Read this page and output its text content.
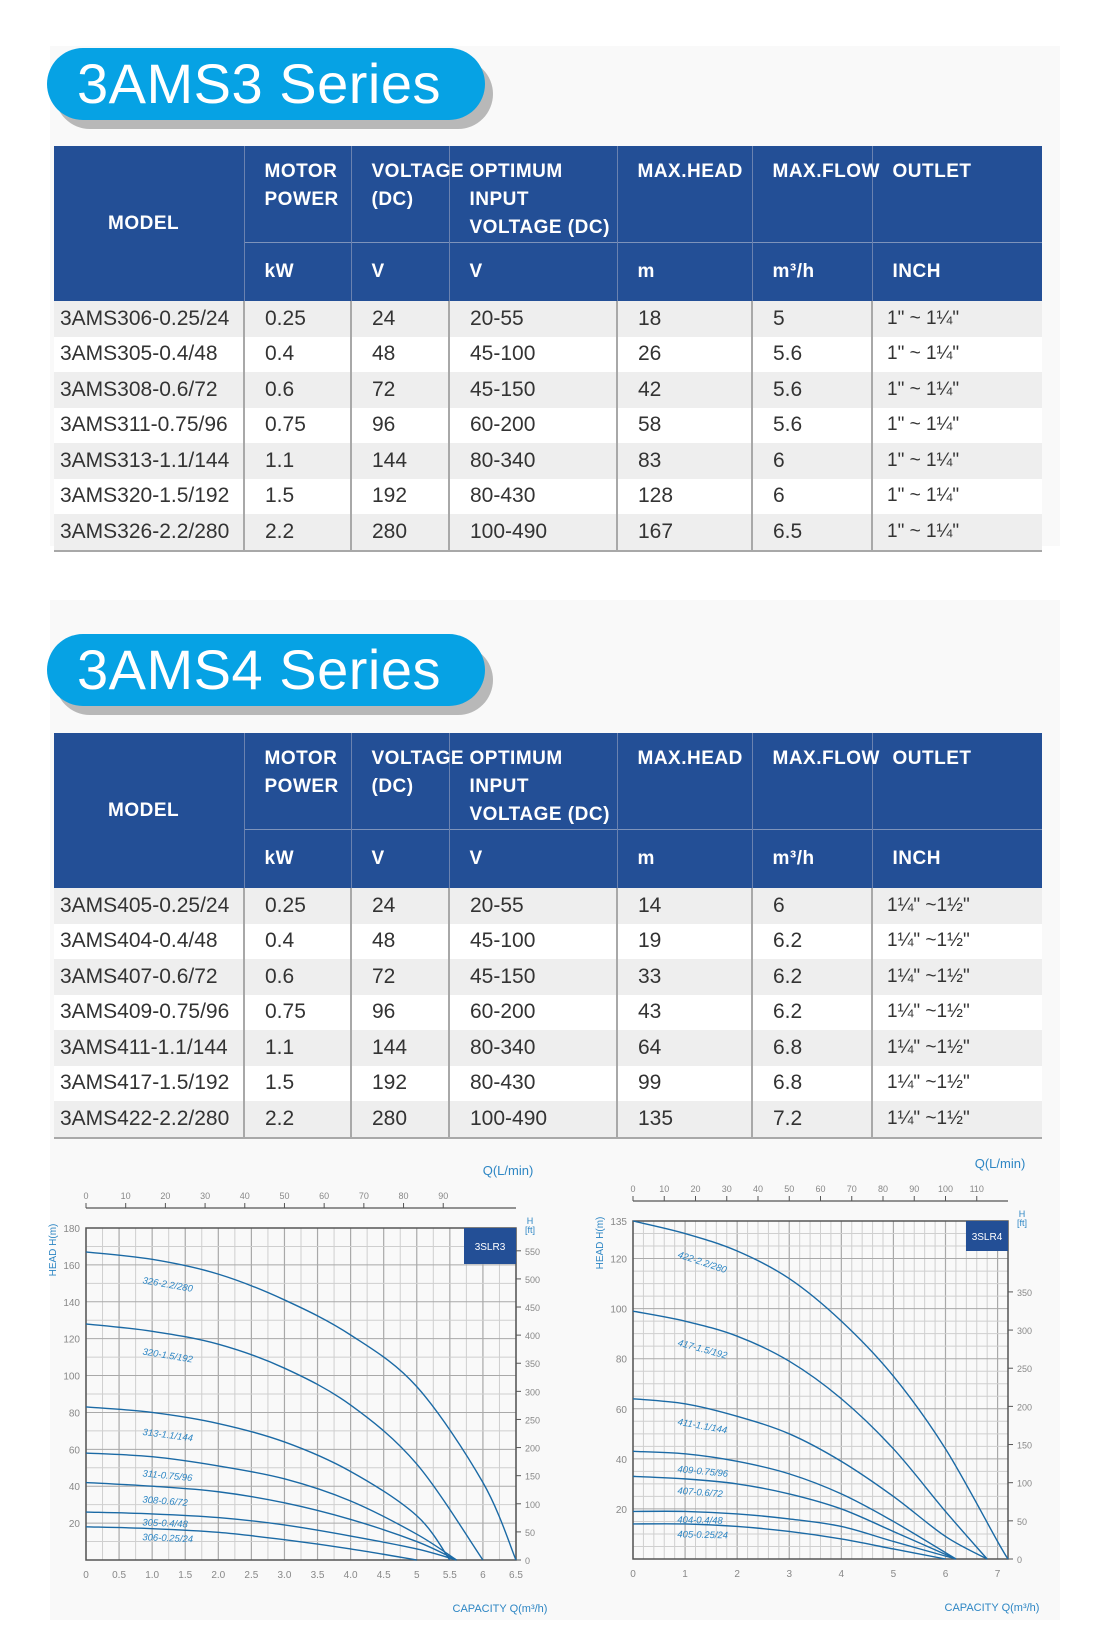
3AMS3 Series
MODEL	MOTOR POWER	VOLTAGE (DC)	OPTIMUM INPUT VOLTAGE (DC)	MAX.HEAD	MAX.FLOW	OUTLET
	kW	V	V	m	m³/h	INCH
3AMS306-0.25/24	0.25	24	20-55	18	5	1" ~ 1¼"
3AMS305-0.4/48	0.4	48	45-100	26	5.6	1" ~ 1¼"
3AMS308-0.6/72	0.6	72	45-150	42	5.6	1" ~ 1¼"
3AMS311-0.75/96	0.75	96	60-200	58	5.6	1" ~ 1¼"
3AMS313-1.1/144	1.1	144	80-340	83	6	1" ~ 1¼"
3AMS320-1.5/192	1.5	192	80-430	128	6	1" ~ 1¼"
3AMS326-2.2/280	2.2	280	100-490	167	6.5	1" ~ 1¼"
3AMS4 Series
MODEL	MOTOR POWER	VOLTAGE (DC)	OPTIMUM INPUT VOLTAGE (DC)	MAX.HEAD	MAX.FLOW	OUTLET
	kW	V	V	m	m³/h	INCH
3AMS405-0.25/24	0.25	24	20-55	14	6	1¼" ~1½"
3AMS404-0.4/48	0.4	48	45-100	19	6.2	1¼" ~1½"
3AMS407-0.6/72	0.6	72	45-150	33	6.2	1¼" ~1½"
3AMS409-0.75/96	0.75	96	60-200	43	6.2	1¼" ~1½"
3AMS411-1.1/144	1.1	144	80-340	64	6.8	1¼" ~1½"
3AMS417-1.5/192	1.5	192	80-430	99	6.8	1¼" ~1½"
3AMS422-2.2/280	2.2	280	100-490	135	7.2	1¼" ~1½"
3SLR3
0 0.5 1.0 1.5 2.0 2.5 3.0 3.5 4.0 4.5 5 5.5 6 6.5
20
40
60
80
100
120
140
160
180
0	10	20	30	40	50	60	70	80	90
Q(L/min)
0
50
100
150
200
250
300
350
400
450
500
550
H
[ft]
CAPACITY Q(m³/h)
HEAD H(m)
326-2.2/280
320-1.5/192
313-1.1/144
311-0.75/96
308-0.6/72
305-0.4/48
306-0.25/24
3SLR4
0	1	2	3	4	5	6	7
20
40
60
80
100
120
135
0	10 20 30 40 50 60 70 80 90 100 110
Q(L/min)
0
50
100
150
200
250
300
350
H
[ft]
CAPACITY Q(m³/h)
HEAD H(m)	422-2.2/280
417-1.5/192
411-1.1/144
409-0.75/96
407-0.6/72
404-0.4/48
405-0.25/24
